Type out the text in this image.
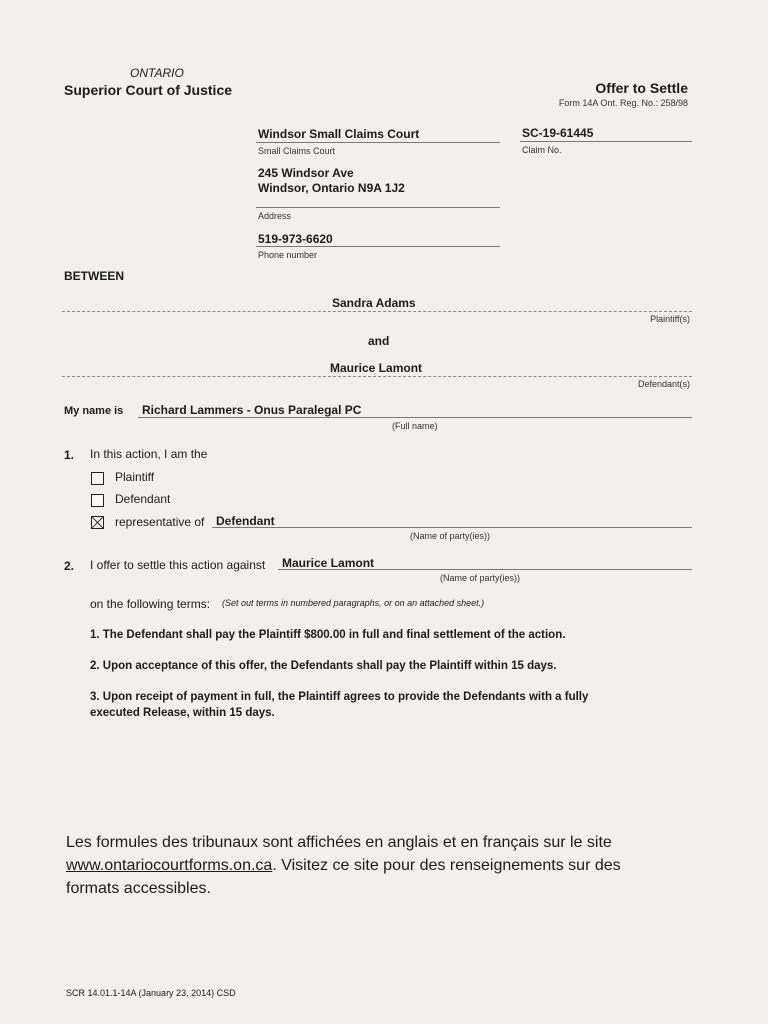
ONTARIO
Superior Court of Justice	Offer to Settle
Form 14A Ont. Reg. No.: 258/98
Windsor Small Claims Court
Small Claims Court
SC-19-61445
Claim No.
245 Windsor Ave
Windsor, Ontario N9A 1J2
Address
519-973-6620
Phone number
BETWEEN
Sandra Adams
Plaintiff(s)
and
Maurice Lamont
Defendant(s)
My name is Richard Lammers - Onus Paralegal PC
(Full name)
1. In this action, I am the
Plaintiff
Defendant
representative of Defendant
(Name of party(ies))
2. I offer to settle this action against Maurice Lamont
(Name of party(ies))
on the following terms: (Set out terms in numbered paragraphs, or on an attached sheet.)
1. The Defendant shall pay the Plaintiff $800.00 in full and final settlement of the action.
2. Upon acceptance of this offer, the Defendants shall pay the Plaintiff within 15 days.
3. Upon receipt of payment in full, the Plaintiff agrees to provide the Defendants with a fully
executed Release, within 15 days.
Les formules des tribunaux sont affichées en anglais et en français sur le site
www.ontariocourtforms.on.ca. Visitez ce site pour des renseignements sur des
formats accessibles.
SCR 14.01.1-14A (January 23, 2014) CSD
